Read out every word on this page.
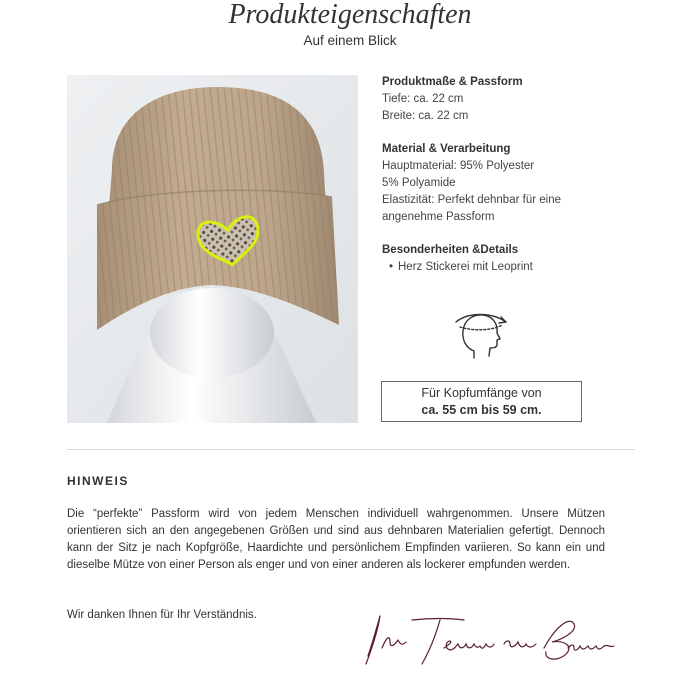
Produkteigenschaften
Auf einem Blick
Produktmaße & Passform
Tiefe: ca. 22 cm
Breite: ca. 22 cm
Material & Verarbeitung
Hauptmaterial: 95% Polyester
5% Polyamide
Elastizität: Perfekt dehnbar für eine angenehme Passform
Besonderheiten &Details
• Herz Stickerei mit Leoprint
Für Kopfumfänge von
ca. 55 cm bis 59 cm.
HINWEIS
Die “perfekte” Passform wird von jedem Menschen individuell wahrgenommen. Unsere Mützen orientieren sich an den angegebenen Größen und sind aus dehnbaren Materialien gefertigt. Dennoch kann der Sitz je nach Kopfgröße, Haardichte und persönlichem Empfinden variieren. So kann ein und dieselbe Mütze von einer Person als enger und von einer anderen als lockerer empfunden werden.
Wir danken Ihnen für Ihr Verständnis.
